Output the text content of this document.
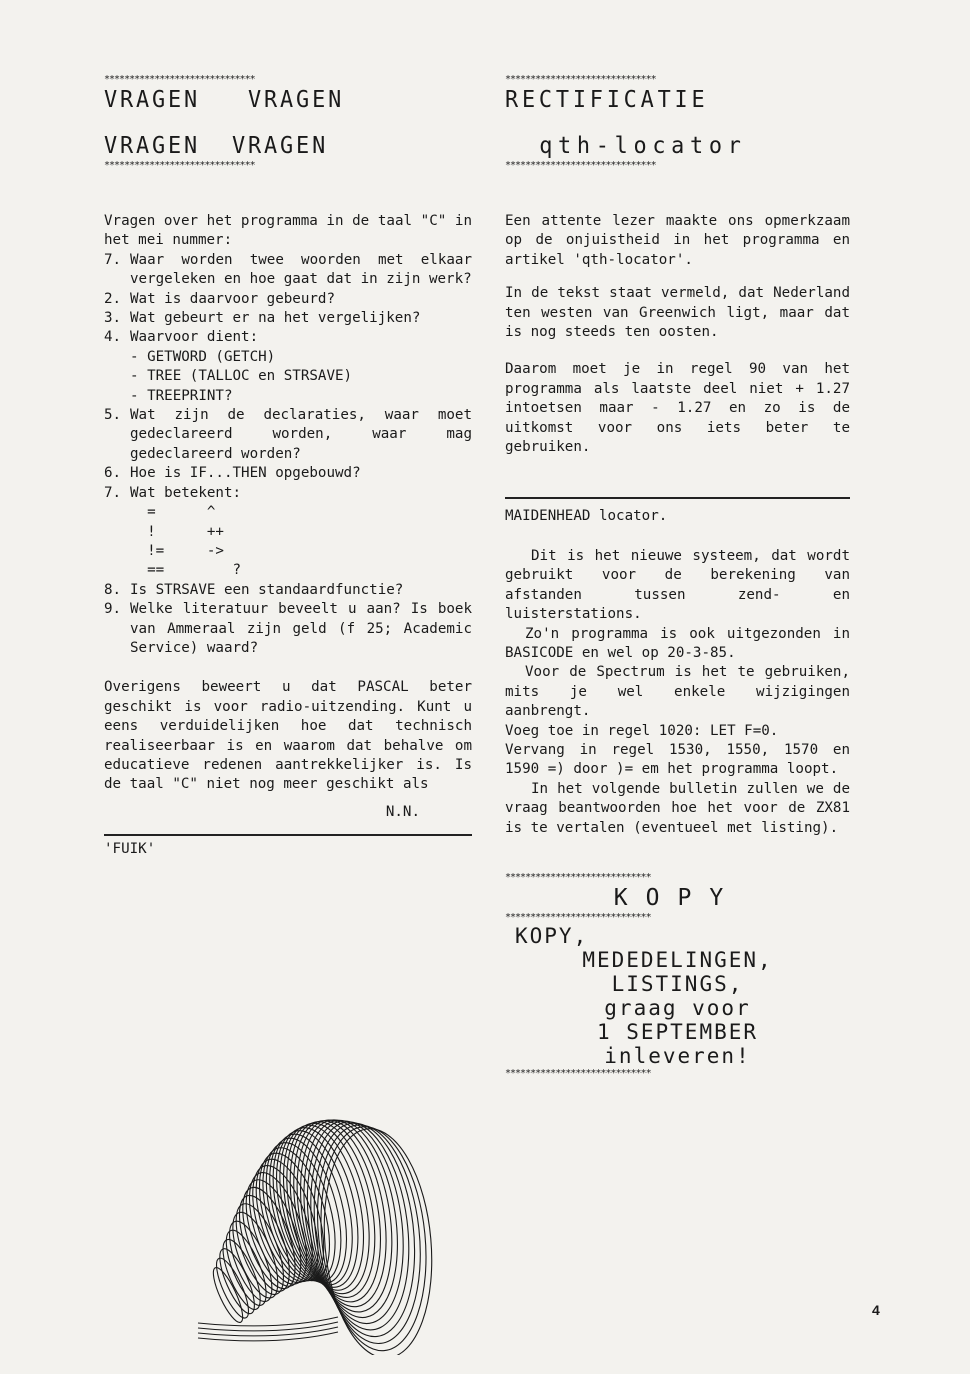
******************************
VRAGEN   VRAGEN
VRAGEN  VRAGEN
******************************

Vragen over het programma in de taal "C" in het mei nummer:

7. Waar worden twee woorden met elkaar vergeleken en hoe gaat dat in zijn werk?
2. Wat is daarvoor gebeurd?
3. Wat gebeurt er na het vergelijken?
4. Waarvoor dient:
- GETWORD (GETCH)
- TREE (TALLOC en STRSAVE)
- TREEPRINT?
5. Wat zijn de declaraties, waar moet gedeclareerd worden, waar mag gedeclareerd worden?
6. Hoe is IF...THEN opgebouwd?
7. Wat betekent:
=      ^
!      ++
!=     ->
==        ?
8. Is STRSAVE een standaardfunctie?
9. Welke literatuur beveelt u aan? Is boek van Ammeraal zijn geld (f 25; Academic Service) waard?

Overigens beweert u dat PASCAL beter geschikt is voor radio-uitzending. Kunt u eens verduidelijken hoe dat technisch realiseerbaar is en waarom dat behalve om educatieve redenen aantrekkelijker is. Is de taal "C" niet nog meer geschikt als

N.N.
'FUIK'
******************************
RECTIFICATIE
qth-locator
******************************

Een attente lezer maakte ons opmerkzaam op de onjuistheid in het programma en artikel 'qth-locator'.

In de tekst staat vermeld, dat Nederland ten westen van Greenwich ligt, maar dat is nog steeds ten oosten.

Daarom moet je in regel 90 van het programma als laatste deel niet + 1.27 intoetsen maar - 1.27 en zo is de uitkomst voor ons iets beter te gebruiken.

MAIDENHEAD locator.

Dit is het nieuwe systeem, dat wordt gebruikt voor de berekening van afstanden tussen zend- en luisterstations.

Zo'n programma is ook uitgezonden in BASICODE en wel op 20-3-85.

Voor de Spectrum is het te gebruiken, mits je wel enkele wijzigingen aanbrengt.

Voeg toe in regel 1020: LET F=0.

Vervang in regel 1530, 1550, 1570 en 1590 =) door )= em het programma loopt.

In het volgende bulletin zullen we de vraag beantwoorden hoe het voor de ZX81 is te vertalen (eventueel met listing).

*****************************
KOPY
*****************************
KOPY,
MEDEDELINGEN,
LISTINGS,
graag voor
1 SEPTEMBER
inleveren!
*****************************
4
